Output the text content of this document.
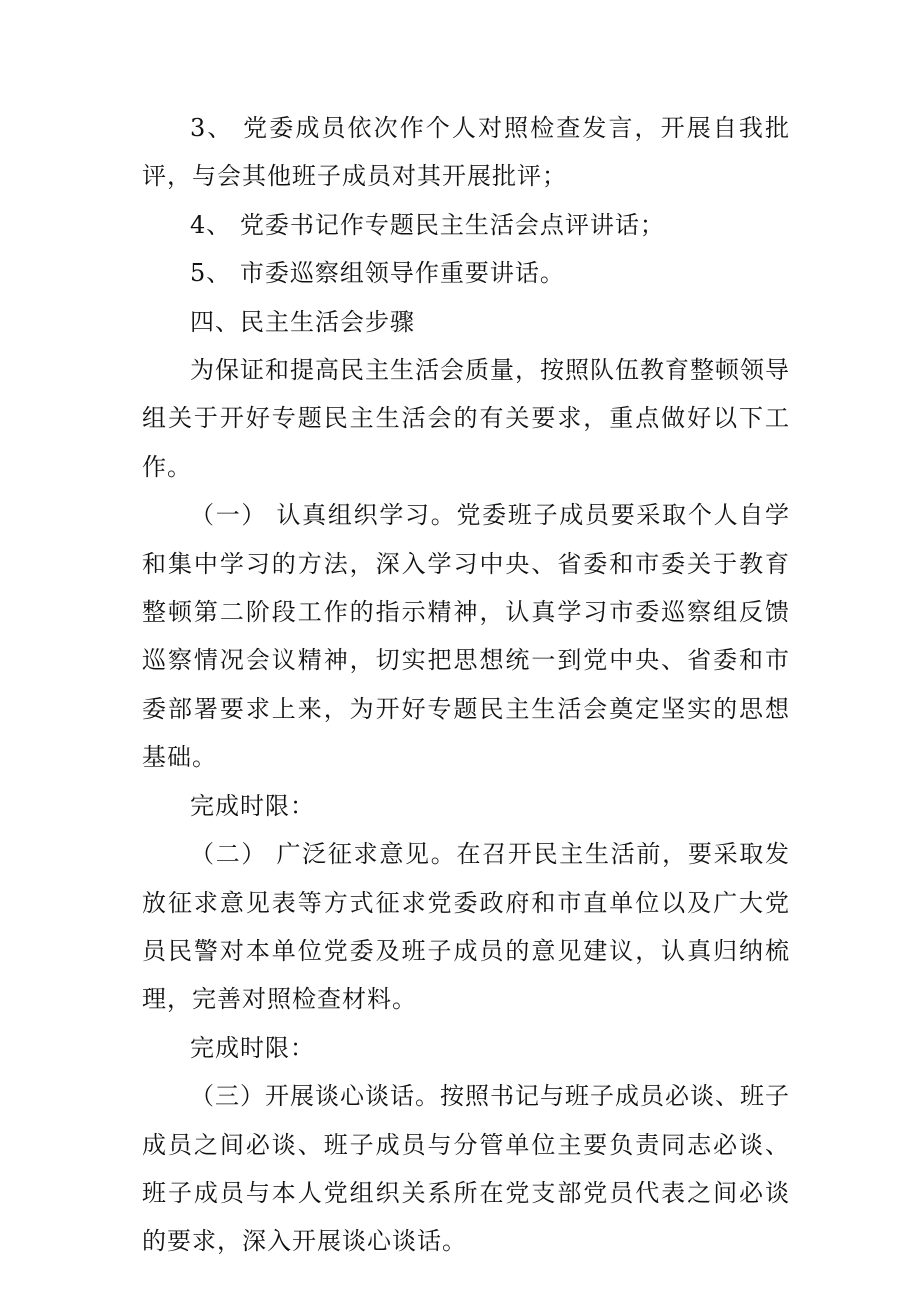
3、 党委成员依次作个人对照检查发言，开展自我批评，与会其他班子成员对其开展批评；

4、 党委书记作专题民主生活会点评讲话；

5、 市委巡察组领导作重要讲话。

四、民主生活会步骤

为保证和提高民主生活会质量，按照队伍教育整顿领导组关于开好专题民主生活会的有关要求，重点做好以下工作。

（一） 认真组织学习。党委班子成员要采取个人自学和集中学习的方法，深入学习中央、省委和市委关于教育整顿第二阶段工作的指示精神，认真学习市委巡察组反馈巡察情况会议精神，切实把思想统一到党中央、省委和市委部署要求上来，为开好专题民主生活会奠定坚实的思想基础。

完成时限：

（二） 广泛征求意见。在召开民主生活前，要采取发放征求意见表等方式征求党委政府和市直单位以及广大党员民警对本单位党委及班子成员的意见建议，认真归纳梳理，完善对照检查材料。

完成时限：

（三）开展谈心谈话。按照书记与班子成员必谈、班子成员之间必谈、班子成员与分管单位主要负责同志必谈、班子成员与本人党组织关系所在党支部党员代表之间必谈的要求，深入开展谈心谈话。
